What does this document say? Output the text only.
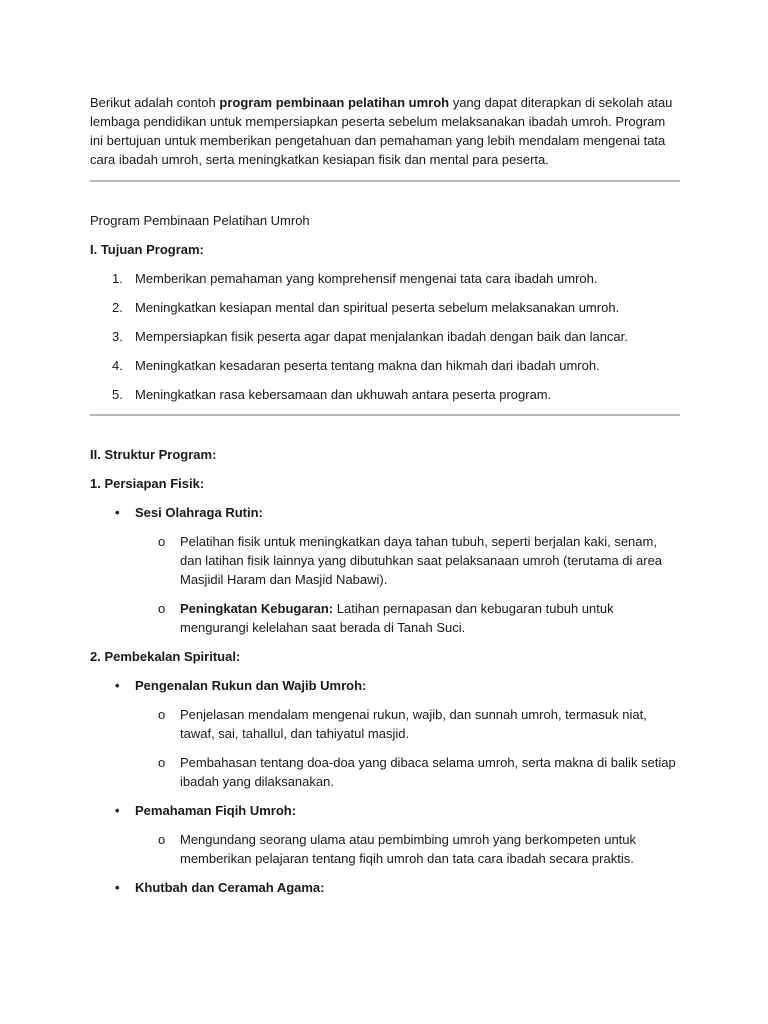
Berikut adalah contoh program pembinaan pelatihan umroh yang dapat diterapkan di sekolah atau lembaga pendidikan untuk mempersiapkan peserta sebelum melaksanakan ibadah umroh. Program ini bertujuan untuk memberikan pengetahuan dan pemahaman yang lebih mendalam mengenai tata cara ibadah umroh, serta meningkatkan kesiapan fisik dan mental para peserta.

Program Pembinaan Pelatihan Umroh

I. Tujuan Program:

1. Memberikan pemahaman yang komprehensif mengenai tata cara ibadah umroh.
2. Meningkatkan kesiapan mental dan spiritual peserta sebelum melaksanakan umroh.
3. Mempersiapkan fisik peserta agar dapat menjalankan ibadah dengan baik dan lancar.
4. Meningkatkan kesadaran peserta tentang makna dan hikmah dari ibadah umroh.
5. Meningkatkan rasa kebersamaan dan ukhuwah antara peserta program.

II. Struktur Program:

1. Persiapan Fisik:

• Sesi Olahraga Rutin:
o Pelatihan fisik untuk meningkatkan daya tahan tubuh, seperti berjalan kaki, senam, dan latihan fisik lainnya yang dibutuhkan saat pelaksanaan umroh (terutama di area Masjidil Haram dan Masjid Nabawi).
o Peningkatan Kebugaran: Latihan pernapasan dan kebugaran tubuh untuk mengurangi kelelahan saat berada di Tanah Suci.

2. Pembekalan Spiritual:

• Pengenalan Rukun dan Wajib Umroh:
o Penjelasan mendalam mengenai rukun, wajib, dan sunnah umroh, termasuk niat, tawaf, sai, tahallul, dan tahiyatul masjid.
o Pembahasan tentang doa-doa yang dibaca selama umroh, serta makna di balik setiap ibadah yang dilaksanakan.
• Pemahaman Fiqih Umroh:
o Mengundang seorang ulama atau pembimbing umroh yang berkompeten untuk memberikan pelajaran tentang fiqih umroh dan tata cara ibadah secara praktis.
• Khutbah dan Ceramah Agama:
